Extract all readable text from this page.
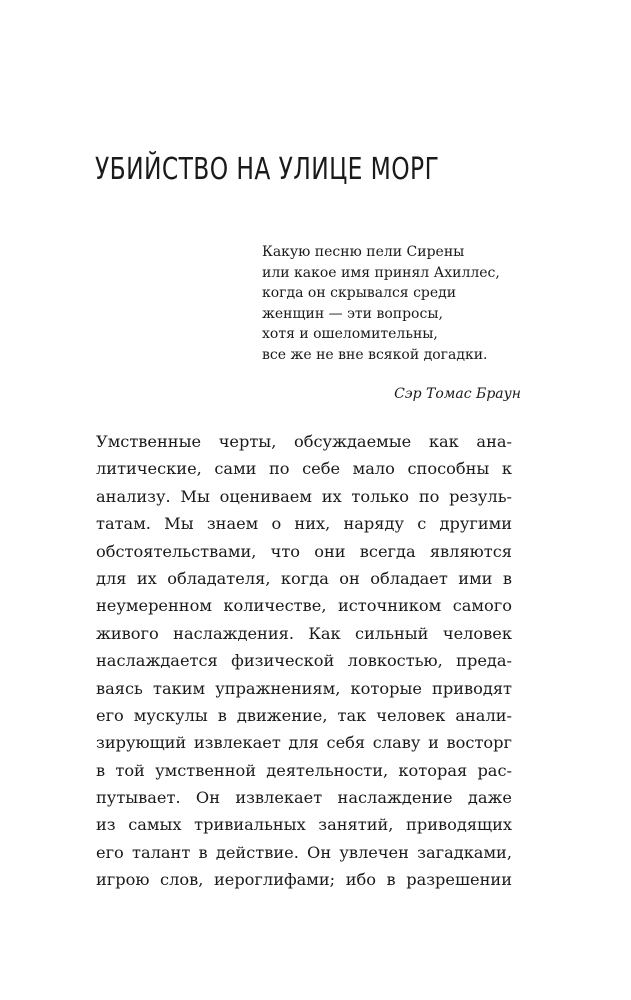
УБИЙСТВО НА УЛИЦЕ МОРГ
Какую песню пели Сирены
или какое имя принял Ахиллес,
когда он скрывался среди
женщин — эти вопросы,
хотя и ошеломительны,
все же не вне всякой догадки.
Сэр Томас Браун
Умственные черты, обсуждаемые как ана-
литические, сами по себе мало способны к
анализу. Мы оцениваем их только по резуль-
татам. Мы знаем о них, наряду с другими
обстоятельствами, что они всегда являются
для их обладателя, когда он обладает ими в
неумеренном количестве, источником самого
живого наслаждения. Как сильный человек
наслаждается физической ловкостью, преда-
ваясь таким упражнениям, которые приводят
его мускулы в движение, так человек анали-
зирующий извлекает для себя славу и восторг
в той умственной деятельности, которая рас-
путывает. Он извлекает наслаждение даже
из самых тривиальных занятий, приводящих
его талант в действие. Он увлечен загадками,
игрою слов, иероглифами; ибо в разрешении
